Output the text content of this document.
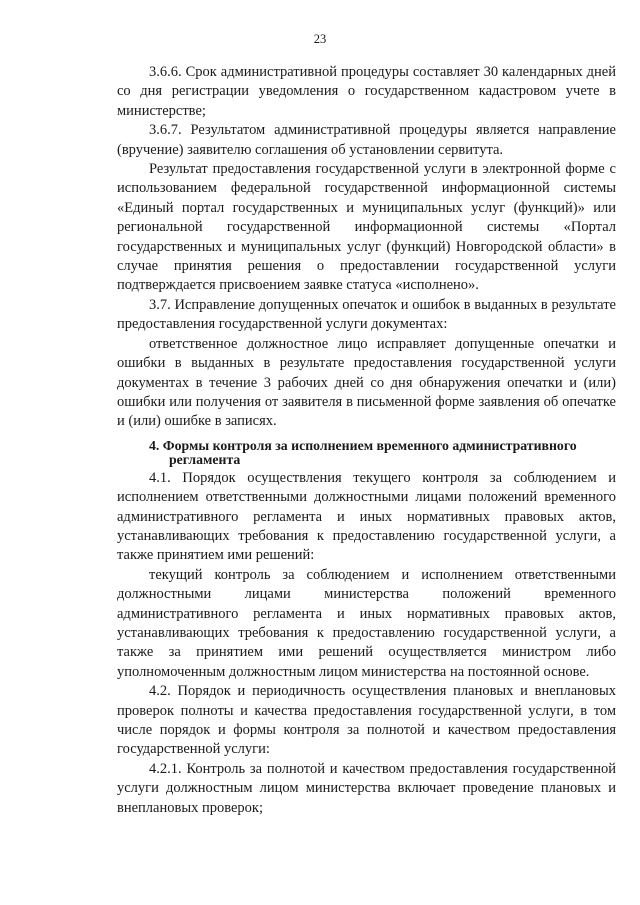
23

3.6.6. Срок административной процедуры составляет 30 календарных дней со дня регистрации уведомления о государственном кадастровом учете в министерстве;

3.6.7. Результатом административной процедуры является направление (вручение) заявителю соглашения об установлении сервитута.

Результат предоставления государственной услуги в электронной форме с использованием федеральной государственной информационной системы «Единый портал государственных и муниципальных услуг (функций)» или региональной государственной информационной системы «Портал государственных и муниципальных услуг (функций) Новгородской области» в случае принятия решения о предоставлении государственной услуги подтверждается присвоением заявке статуса «исполнено».

3.7. Исправление допущенных опечаток и ошибок в выданных в результате предоставления государственной услуги документах:

ответственное должностное лицо исправляет допущенные опечатки и ошибки в выданных в результате предоставления государственной услуги документах в течение 3 рабочих дней со дня обнаружения опечатки и (или) ошибки или получения от заявителя в письменной форме заявления об опечатке и (или) ошибке в записях.

4. Формы контроля за исполнением временного административного
регламента

4.1. Порядок осуществления текущего контроля за соблюдением и исполнением ответственными должностными лицами положений временного административного регламента и иных нормативных правовых актов, устанавливающих требования к предоставлению государственной услуги, а также принятием ими решений:

текущий контроль за соблюдением и исполнением ответственными должностными лицами министерства положений временного административного регламента и иных нормативных правовых актов, устанавливающих требования к предоставлению государственной услуги, а также за принятием ими решений осуществляется министром либо уполномоченным должностным лицом министерства на постоянной основе.

4.2. Порядок и периодичность осуществления плановых и внеплановых проверок полноты и качества предоставления государственной услуги, в том числе порядок и формы контроля за полнотой и качеством предоставления государственной услуги:

4.2.1. Контроль за полнотой и качеством предоставления государственной услуги должностным лицом министерства включает проведение плановых и внеплановых проверок;
